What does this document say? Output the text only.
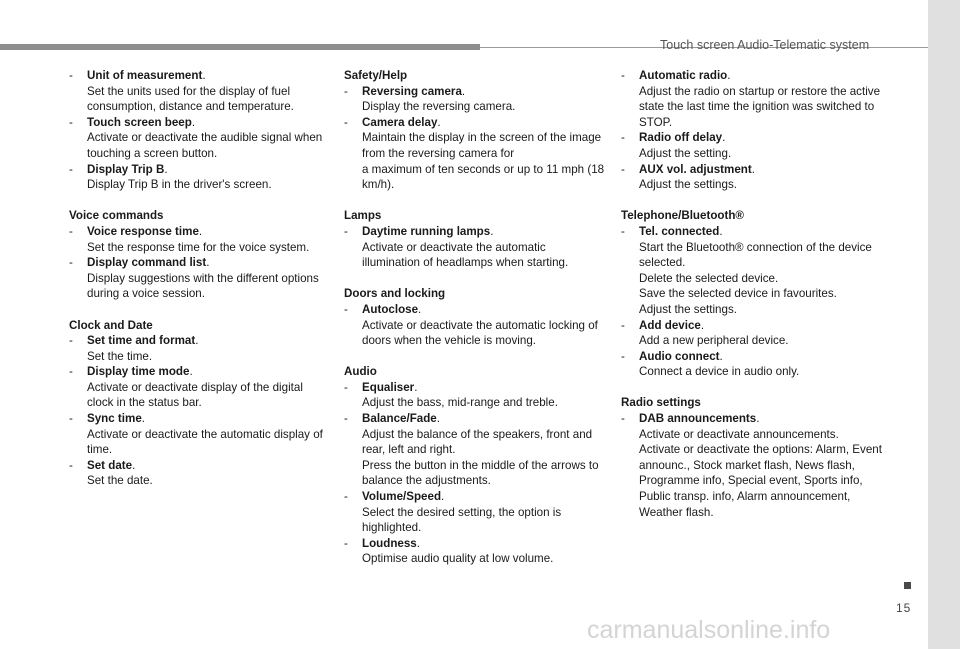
Touch screen Audio-Telematic system
- Unit of measurement.
Set the units used for the display of fuel consumption, distance and temperature.
- Touch screen beep.
Activate or deactivate the audible signal when touching a screen button.
- Display Trip B.
Display Trip B in the driver's screen.
Voice commands
- Voice response time.
Set the response time for the voice system.
- Display command list.
Display suggestions with the different options during a voice session.
Clock and Date
- Set time and format.
Set the time.
- Display time mode.
Activate or deactivate display of the digital clock in the status bar.
- Sync time.
Activate or deactivate the automatic display of time.
- Set date.
Set the date.
Safety/Help
- Reversing camera.
Display the reversing camera.
- Camera delay.
Maintain the display in the screen of the image from the reversing camera for
a maximum of ten seconds or up to 11 mph (18 km/h).
Lamps
- Daytime running lamps.
Activate or deactivate the automatic illumination of headlamps when starting.
Doors and locking
- Autoclose.
Activate or deactivate the automatic locking of doors when the vehicle is moving.
Audio
- Equaliser.
Adjust the bass, mid-range and treble.
- Balance/Fade.
Adjust the balance of the speakers, front and rear, left and right.
Press the button in the middle of the arrows to balance the adjustments.
- Volume/Speed.
Select the desired setting, the option is highlighted.
- Loudness.
Optimise audio quality at low volume.
- Automatic radio.
Adjust the radio on startup or restore the active state the last time the ignition was switched to STOP.
- Radio off delay.
Adjust the setting.
- AUX vol. adjustment.
Adjust the settings.
Telephone/Bluetooth®
- Tel. connected.
Start the Bluetooth® connection of the device selected.
Delete the selected device.
Save the selected device in favourites.
Adjust the settings.
- Add device.
Add a new peripheral device.
- Audio connect.
Connect a device in audio only.
Radio settings
- DAB announcements.
Activate or deactivate announcements.
Activate or deactivate the options: Alarm, Event announc., Stock market flash, News flash, Programme info, Special event, Sports info, Public transp. info, Alarm announcement, Weather flash.
15
carmanualsonline.info
